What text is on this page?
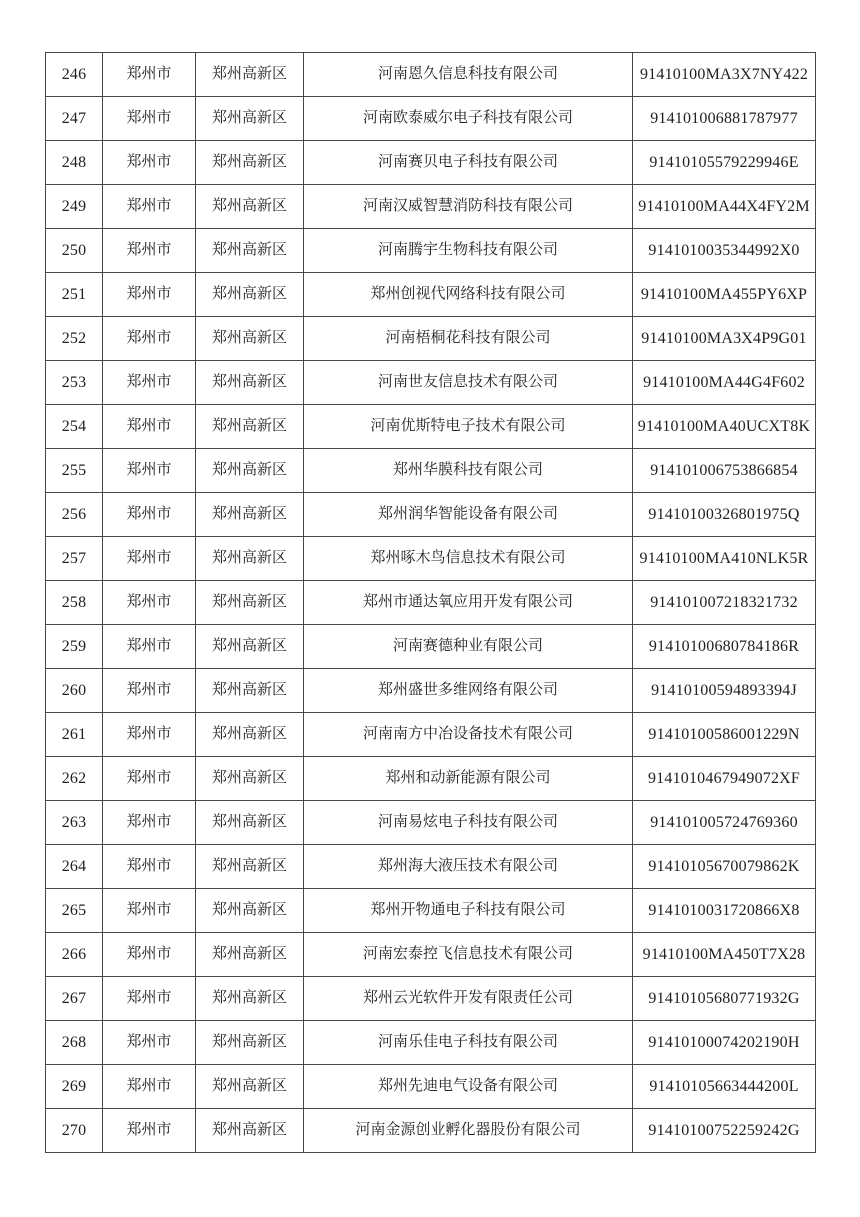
246	郑州市	郑州高新区	河南恩久信息科技有限公司	91410100MA3X7NY422
247	郑州市	郑州高新区	河南欧泰威尔电子科技有限公司	914101006881787977
248	郑州市	郑州高新区	河南赛贝电子科技有限公司	91410105579229946E
249	郑州市	郑州高新区	河南汉威智慧消防科技有限公司	91410100MA44X4FY2M
250	郑州市	郑州高新区	河南腾宇生物科技有限公司	9141010035344992X0
251	郑州市	郑州高新区	郑州创视代网络科技有限公司	91410100MA455PY6XP
252	郑州市	郑州高新区	河南梧桐花科技有限公司	91410100MA3X4P9G01
253	郑州市	郑州高新区	河南世友信息技术有限公司	91410100MA44G4F602
254	郑州市	郑州高新区	河南优斯特电子技术有限公司	91410100MA40UCXT8K
255	郑州市	郑州高新区	郑州华膜科技有限公司	914101006753866854
256	郑州市	郑州高新区	郑州润华智能设备有限公司	91410100326801975Q
257	郑州市	郑州高新区	郑州啄木鸟信息技术有限公司	91410100MA410NLK5R
258	郑州市	郑州高新区	郑州市通达氧应用开发有限公司	914101007218321732
259	郑州市	郑州高新区	河南赛德种业有限公司	91410100680784186R
260	郑州市	郑州高新区	郑州盛世多维网络有限公司	91410100594893394J
261	郑州市	郑州高新区	河南南方中冶设备技术有限公司	91410100586001229N
262	郑州市	郑州高新区	郑州和动新能源有限公司	9141010467949072XF
263	郑州市	郑州高新区	河南易炫电子科技有限公司	914101005724769360
264	郑州市	郑州高新区	郑州海大液压技术有限公司	91410105670079862K
265	郑州市	郑州高新区	郑州开物通电子科技有限公司	9141010031720866X8
266	郑州市	郑州高新区	河南宏泰控飞信息技术有限公司	91410100MA450T7X28
267	郑州市	郑州高新区	郑州云光软件开发有限责任公司	91410105680771932G
268	郑州市	郑州高新区	河南乐佳电子科技有限公司	91410100074202190H
269	郑州市	郑州高新区	郑州先迪电气设备有限公司	91410105663444200L
270	郑州市	郑州高新区	河南金源创业孵化器股份有限公司	91410100752259242G
